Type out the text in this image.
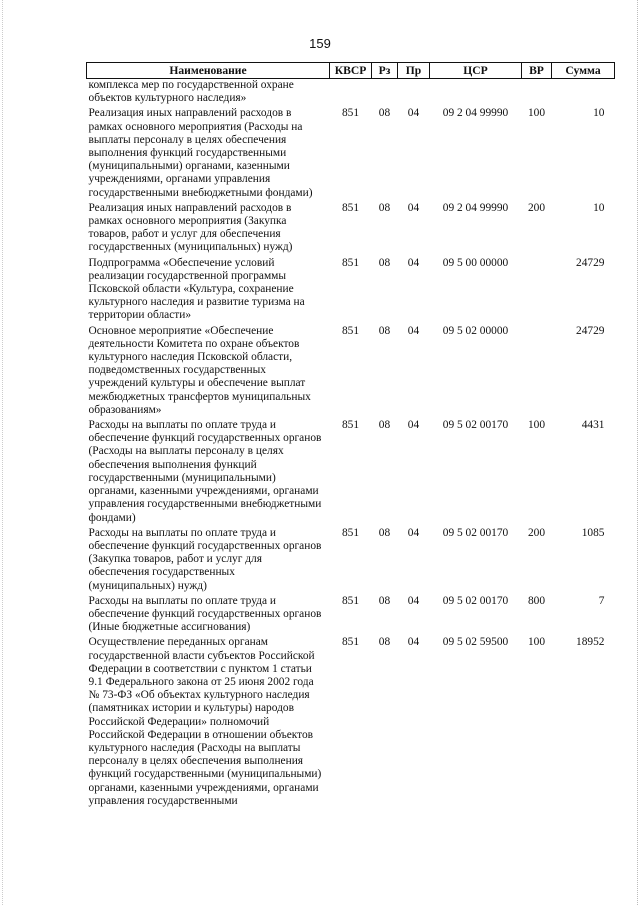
159
Наименование	КВСР	Рз	Пр	ЦСР	ВР	Сумма
комплекса мер по государственной охране объектов культурного наследия»						
Реализация иных направлений расходов в рамках основного мероприятия (Расходы на выплаты персоналу в целях обеспечения выполнения функций государственными (муниципальными) органами, казенными учреждениями, органами управления государственными внебюджетными фондами)	851	08	04	09 2 04 99990	100	10
Реализация иных направлений расходов в рамках основного мероприятия (Закупка товаров, работ и услуг для обеспечения государственных (муниципальных) нужд)	851	08	04	09 2 04 99990	200	10
Подпрограмма «Обеспечение условий реализации государственной программы Псковской области «Культура, сохранение культурного наследия и развитие туризма на территории области»	851	08	04	09 5 00 00000		24729
Основное мероприятие «Обеспечение деятельности Комитета по охране объектов культурного наследия Псковской области, подведомственных государственных учреждений культуры и обеспечение выплат межбюджетных трансфертов муниципальных образованиям»	851	08	04	09 5 02 00000		24729
Расходы на выплаты по оплате труда и обеспечение функций государственных органов (Расходы на выплаты персоналу в целях обеспечения выполнения функций государственными (муниципальными) органами, казенными учреждениями, органами управления государственными внебюджетными фондами)	851	08	04	09 5 02 00170	100	4431
Расходы на выплаты по оплате труда и обеспечение функций государственных органов (Закупка товаров, работ и услуг для обеспечения государственных (муниципальных) нужд)	851	08	04	09 5 02 00170	200	1085
Расходы на выплаты по оплате труда и обеспечение функций государственных органов (Иные бюджетные ассигнования)	851	08	04	09 5 02 00170	800	7
Осуществление переданных органам государственной власти субъектов Российской Федерации в соответствии с пунктом 1 статьи 9.1 Федерального закона от 25 июня 2002 года № 73-ФЗ «Об объектах культурного наследия (памятниках истории и культуры) народов Российской Федерации» полномочий Российской Федерации в отношении объектов культурного наследия (Расходы на выплаты персоналу в целях обеспечения выполнения функций государственными (муниципальными) органами, казенными учреждениями, органами управления государственными	851	08	04	09 5 02 59500	100	18952
